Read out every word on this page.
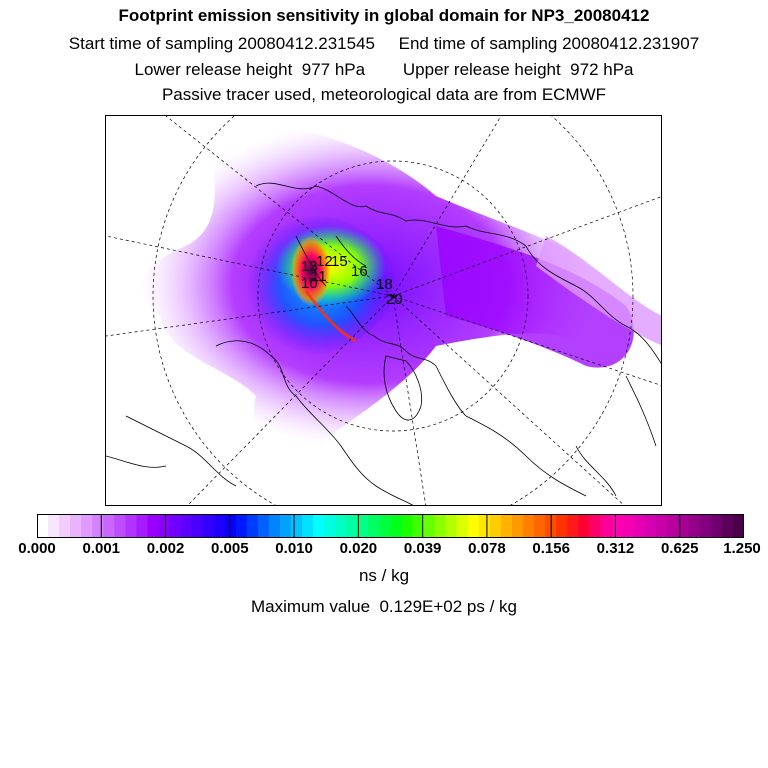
Footprint emission sensitivity in global domain for NP3_20080412
Start time of sampling 20080412.231545     End time of sampling 20080412.231907
Lower release height  977 hPa        Upper release height  972 hPa
Passive tracer used, meteorological data are from ECMWF
13 15
16
18
20
10
11
12
0.000 0.001 0.002 0.005 0.010 0.020 0.039 0.078 0.156 0.312 0.625 1.250
ns / kg
Maximum value  0.129E+02 ps / kg
